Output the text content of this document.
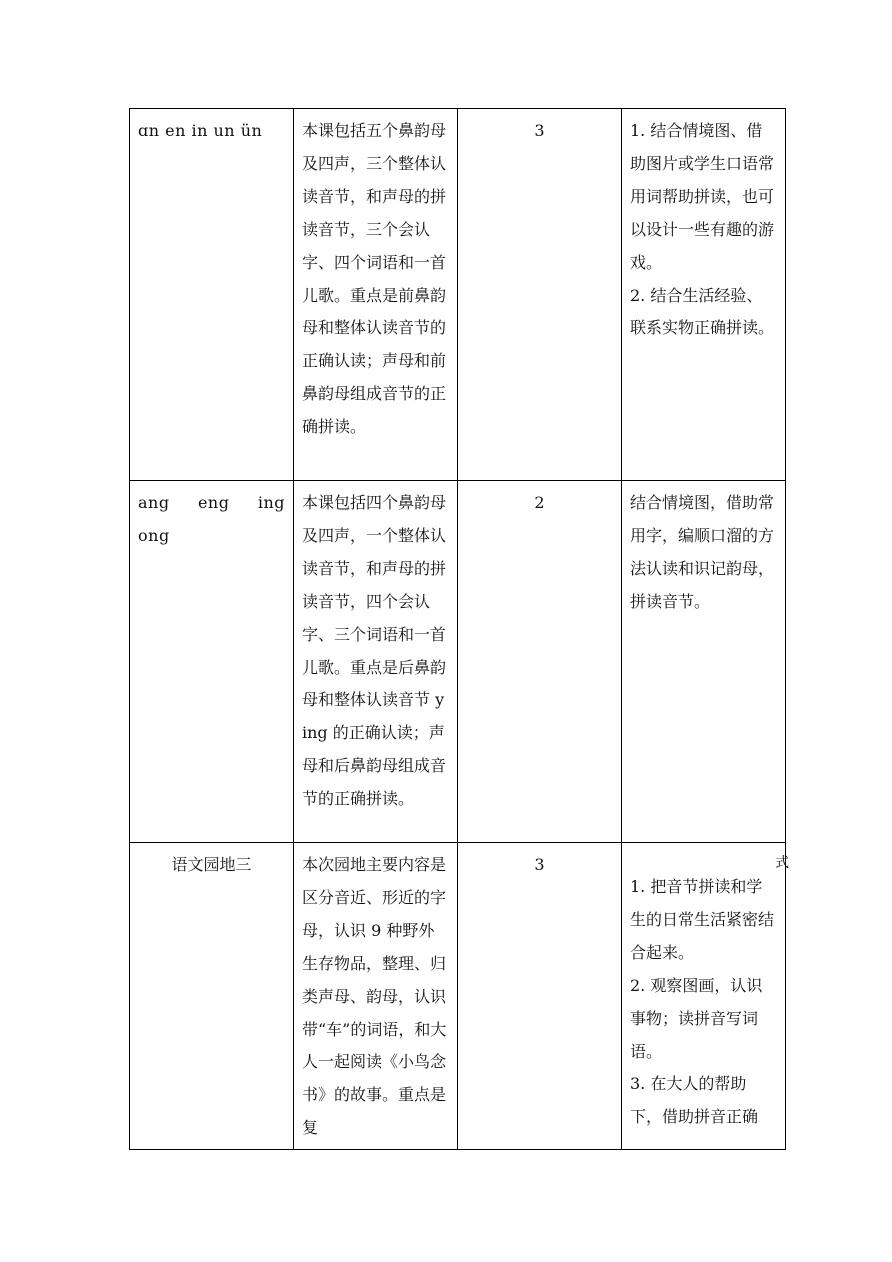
ɑn en in un ün	本课包括五个鼻韵母及四声，三个整体认读音节，和声母的拼读音节，三个会认字、四个词语和一首儿歌。重点是前鼻韵母和整体认读音节的正确认读；声母和前鼻韵母组成音节的正确拼读。	3	1. 结合情境图、借助图片或学生口语常用词帮助拼读，也可以设计一些有趣的游戏。
2. 结合生活经验、联系实物正确拼读。

ang eng ing
ong	本课包括四个鼻韵母及四声，一个整体认读音节，和声母的拼读音节，四个会认字、三个词语和一首儿歌。重点是后鼻韵母和整体认读音节 ying 的正确认读；声母和后鼻韵母组成音节的正确拼读。	2	结合情境图，借助常用字，编顺口溜的方法认读和识记韵母，拼读音节。

语文园地三	本次园地主要内容是区分音近、形近的字母，认识 9 种野外生存物品，整理、归类声母、韵母，认识带“车”的词语，和大人一起阅读《小鸟念书》的故事。重点是复	3	式
1. 把音节拼读和学生的日常生活紧密结合起来。
2. 观察图画，认识事物；读拼音写词语。
3. 在大人的帮助下，借助拼音正确
